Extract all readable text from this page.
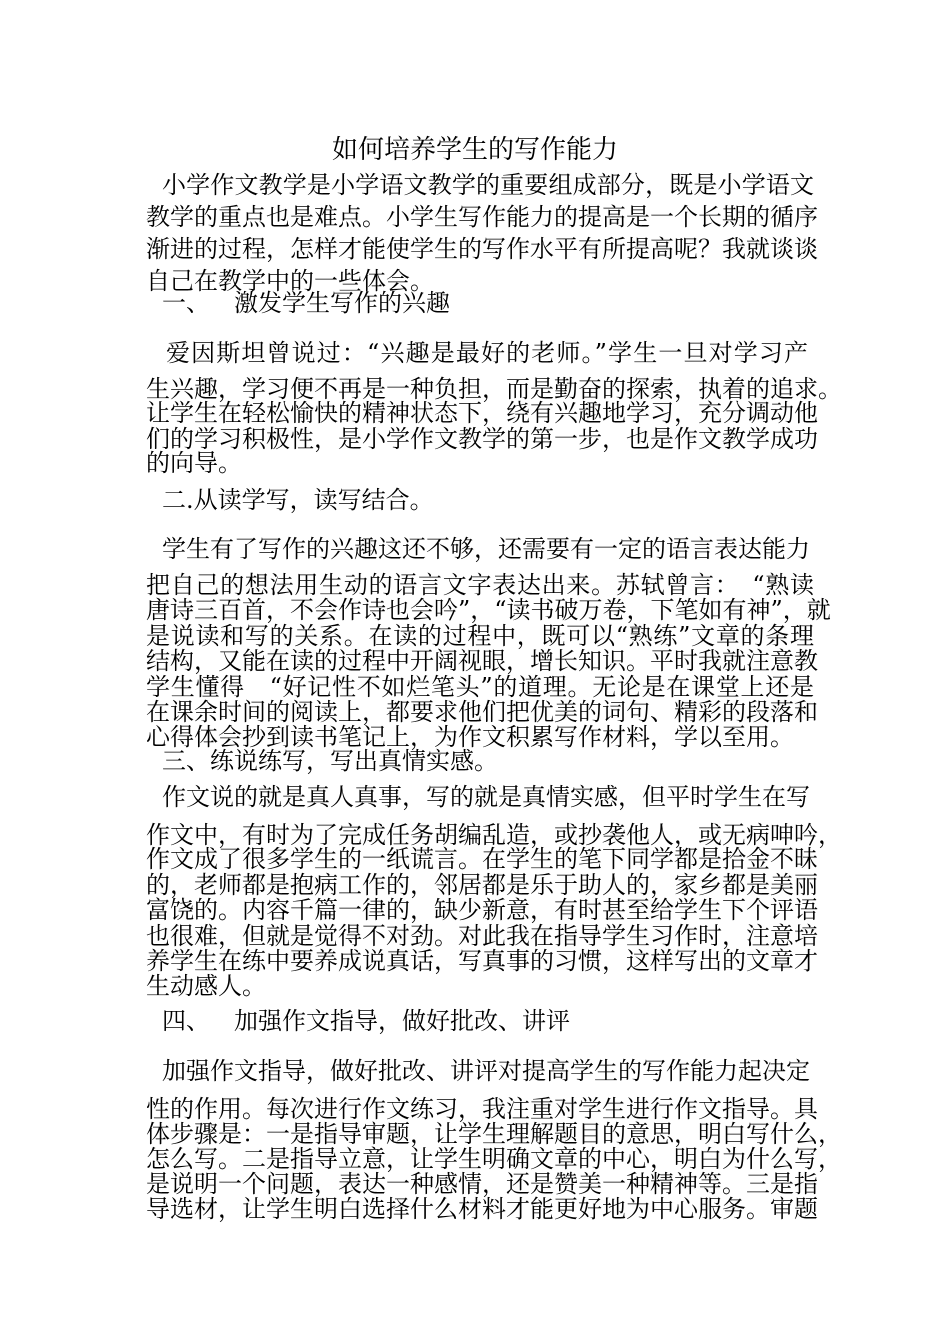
如何培养学生的写作能力
小学作文教学是小学语文教学的重要组成部分，既是小学语文
教学的重点也是难点。小学生写作能力的提高是一个长期的循序
渐进的过程，怎样才能使学生的写作水平有所提高呢？我就谈谈
自己在教学中的一些体会。
一、 激发学生写作的兴趣
爱因斯坦曾说过：“兴趣是最好的老师。”学生一旦对学习产
生兴趣，学习便不再是一种负担，而是勤奋的探索，执着的追求。
让学生在轻松愉快的精神状态下，绕有兴趣地学习，充分调动他
们的学习积极性，是小学作文教学的第一步，也是作文教学成功
的向导。
二.从读学写，读写结合。
学生有了写作的兴趣这还不够，还需要有一定的语言表达能力
把自己的想法用生动的语言文字表达出来。苏轼曾言：　“熟读
唐诗三百首，不会作诗也会吟”，“读书破万卷，下笔如有神”，就
是说读和写的关系。在读的过程中，既可以“熟练”文章的条理
结构，又能在读的过程中开阔视眼，增长知识。平时我就注意教
学生懂得　“好记性不如烂笔头”的道理。无论是在课堂上还是
在课余时间的阅读上，都要求他们把优美的词句、精彩的段落和
心得体会抄到读书笔记上，为作文积累写作材料，学以至用。
三、练说练写，写出真情实感。
作文说的就是真人真事，写的就是真情实感，但平时学生在写
作文中，有时为了完成任务胡编乱造，或抄袭他人，或无病呻吟，
作文成了很多学生的一纸谎言。在学生的笔下同学都是拾金不昧
的，老师都是抱病工作的，邻居都是乐于助人的，家乡都是美丽
富饶的。内容千篇一律的，缺少新意，有时甚至给学生下个评语
也很难，但就是觉得不对劲。对此我在指导学生习作时，注意培
养学生在练中要养成说真话，写真事的习惯，这样写出的文章才
生动感人。
四、 加强作文指导，做好批改、讲评
加强作文指导，做好批改、讲评对提高学生的写作能力起决定
性的作用。每次进行作文练习，我注重对学生进行作文指导。具
体步骤是：一是指导审题，让学生理解题目的意思，明白写什么，
怎么写。二是指导立意，让学生明确文章的中心，明白为什么写，
是说明一个问题，表达一种感情，还是赞美一种精神等。三是指
导选材，让学生明白选择什么材料才能更好地为中心服务。审题
